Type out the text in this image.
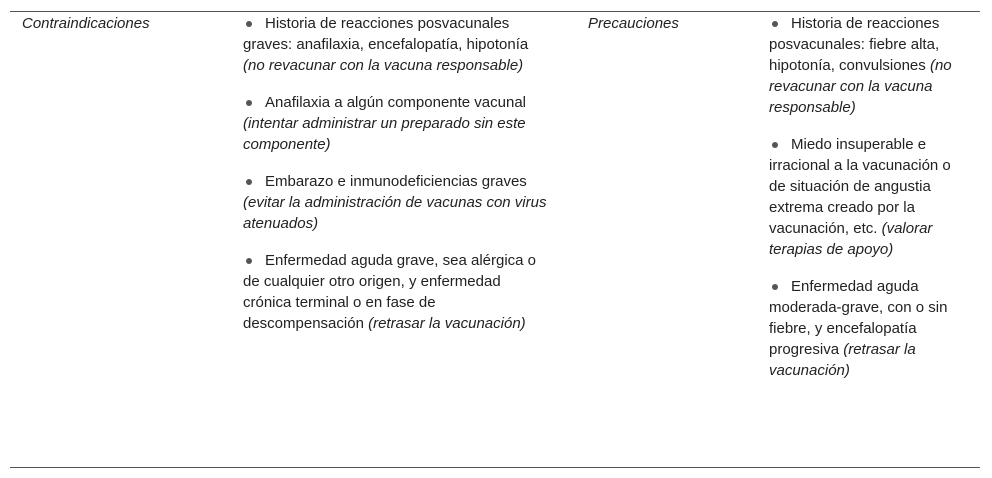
Contraindicaciones	Historia de reacciones posvacunales graves: anafilaxia, encefalopatía, hipotonía (no revacunar con la vacuna responsable)
Anafilaxia a algún componente vacunal (intentar administrar un preparado sin este componente)
Embarazo e inmunodeficiencias graves (evitar la administración de vacunas con virus atenuados)
Enfermedad aguda grave, sea alérgica o de cualquier otro origen, y enfermedad crónica terminal o en fase de descompensación (retrasar la vacunación)
Precauciones	Historia de reacciones posvacunales: fiebre alta, hipotonía, convulsiones (no revacunar con la vacuna responsable)
Miedo insuperable e irracional a la vacunación o de situación de angustia extrema creado por la vacunación, etc. (valorar terapias de apoyo)
Enfermedad aguda moderada-grave, con o sin fiebre, y encefalopatía progresiva (retrasar la vacunación)
